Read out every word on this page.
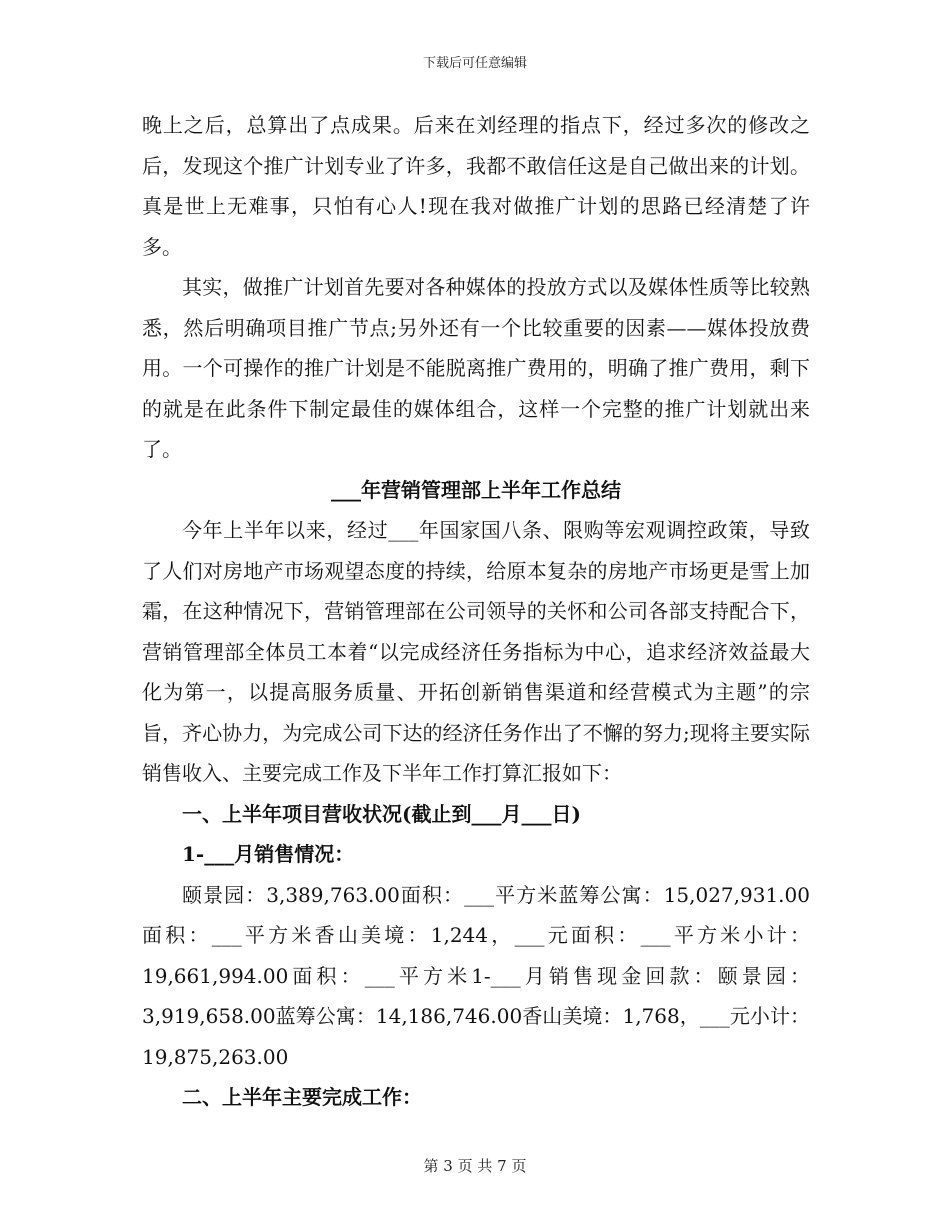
下载后可任意编辑

晚上之后，总算出了点成果。后来在刘经理的指点下，经过多次的修改之后，发现这个推广计划专业了许多，我都不敢信任这是自己做出来的计划。真是世上无难事，只怕有心人!现在我对做推广计划的思路已经清楚了许多。

其实，做推广计划首先要对各种媒体的投放方式以及媒体性质等比较熟悉，然后明确项目推广节点;另外还有一个比较重要的因素——媒体投放费用。一个可操作的推广计划是不能脱离推广费用的，明确了推广费用，剩下的就是在此条件下制定最佳的媒体组合，这样一个完整的推广计划就出来了。

___年营销管理部上半年工作总结

今年上半年以来，经过___年国家国八条、限购等宏观调控政策，导致了人们对房地产市场观望态度的持续，给原本复杂的房地产市场更是雪上加霜，在这种情况下，营销管理部在公司领导的关怀和公司各部支持配合下，营销管理部全体员工本着“以完成经济任务指标为中心，追求经济效益最大化为第一，以提高服务质量、开拓创新销售渠道和经营模式为主题”的宗旨，齐心协力，为完成公司下达的经济任务作出了不懈的努力;现将主要实际销售收入、主要完成工作及下半年工作打算汇报如下：

一、上半年项目营收状况(截止到___月___日)

1-___月销售情况：

颐景园：3,389,763.00面积：___平方米蓝筹公寓：15,027,931.00面积：___平方米香山美境：1,244，___元面积：___平方米小计：19,661,994.00面积：___平方米1-___月销售现金回款：颐景园：3,919,658.00蓝筹公寓：14,186,746.00香山美境：1,768，___元小计：19,875,263.00

二、上半年主要完成工作：

第 3 页 共 7 页
